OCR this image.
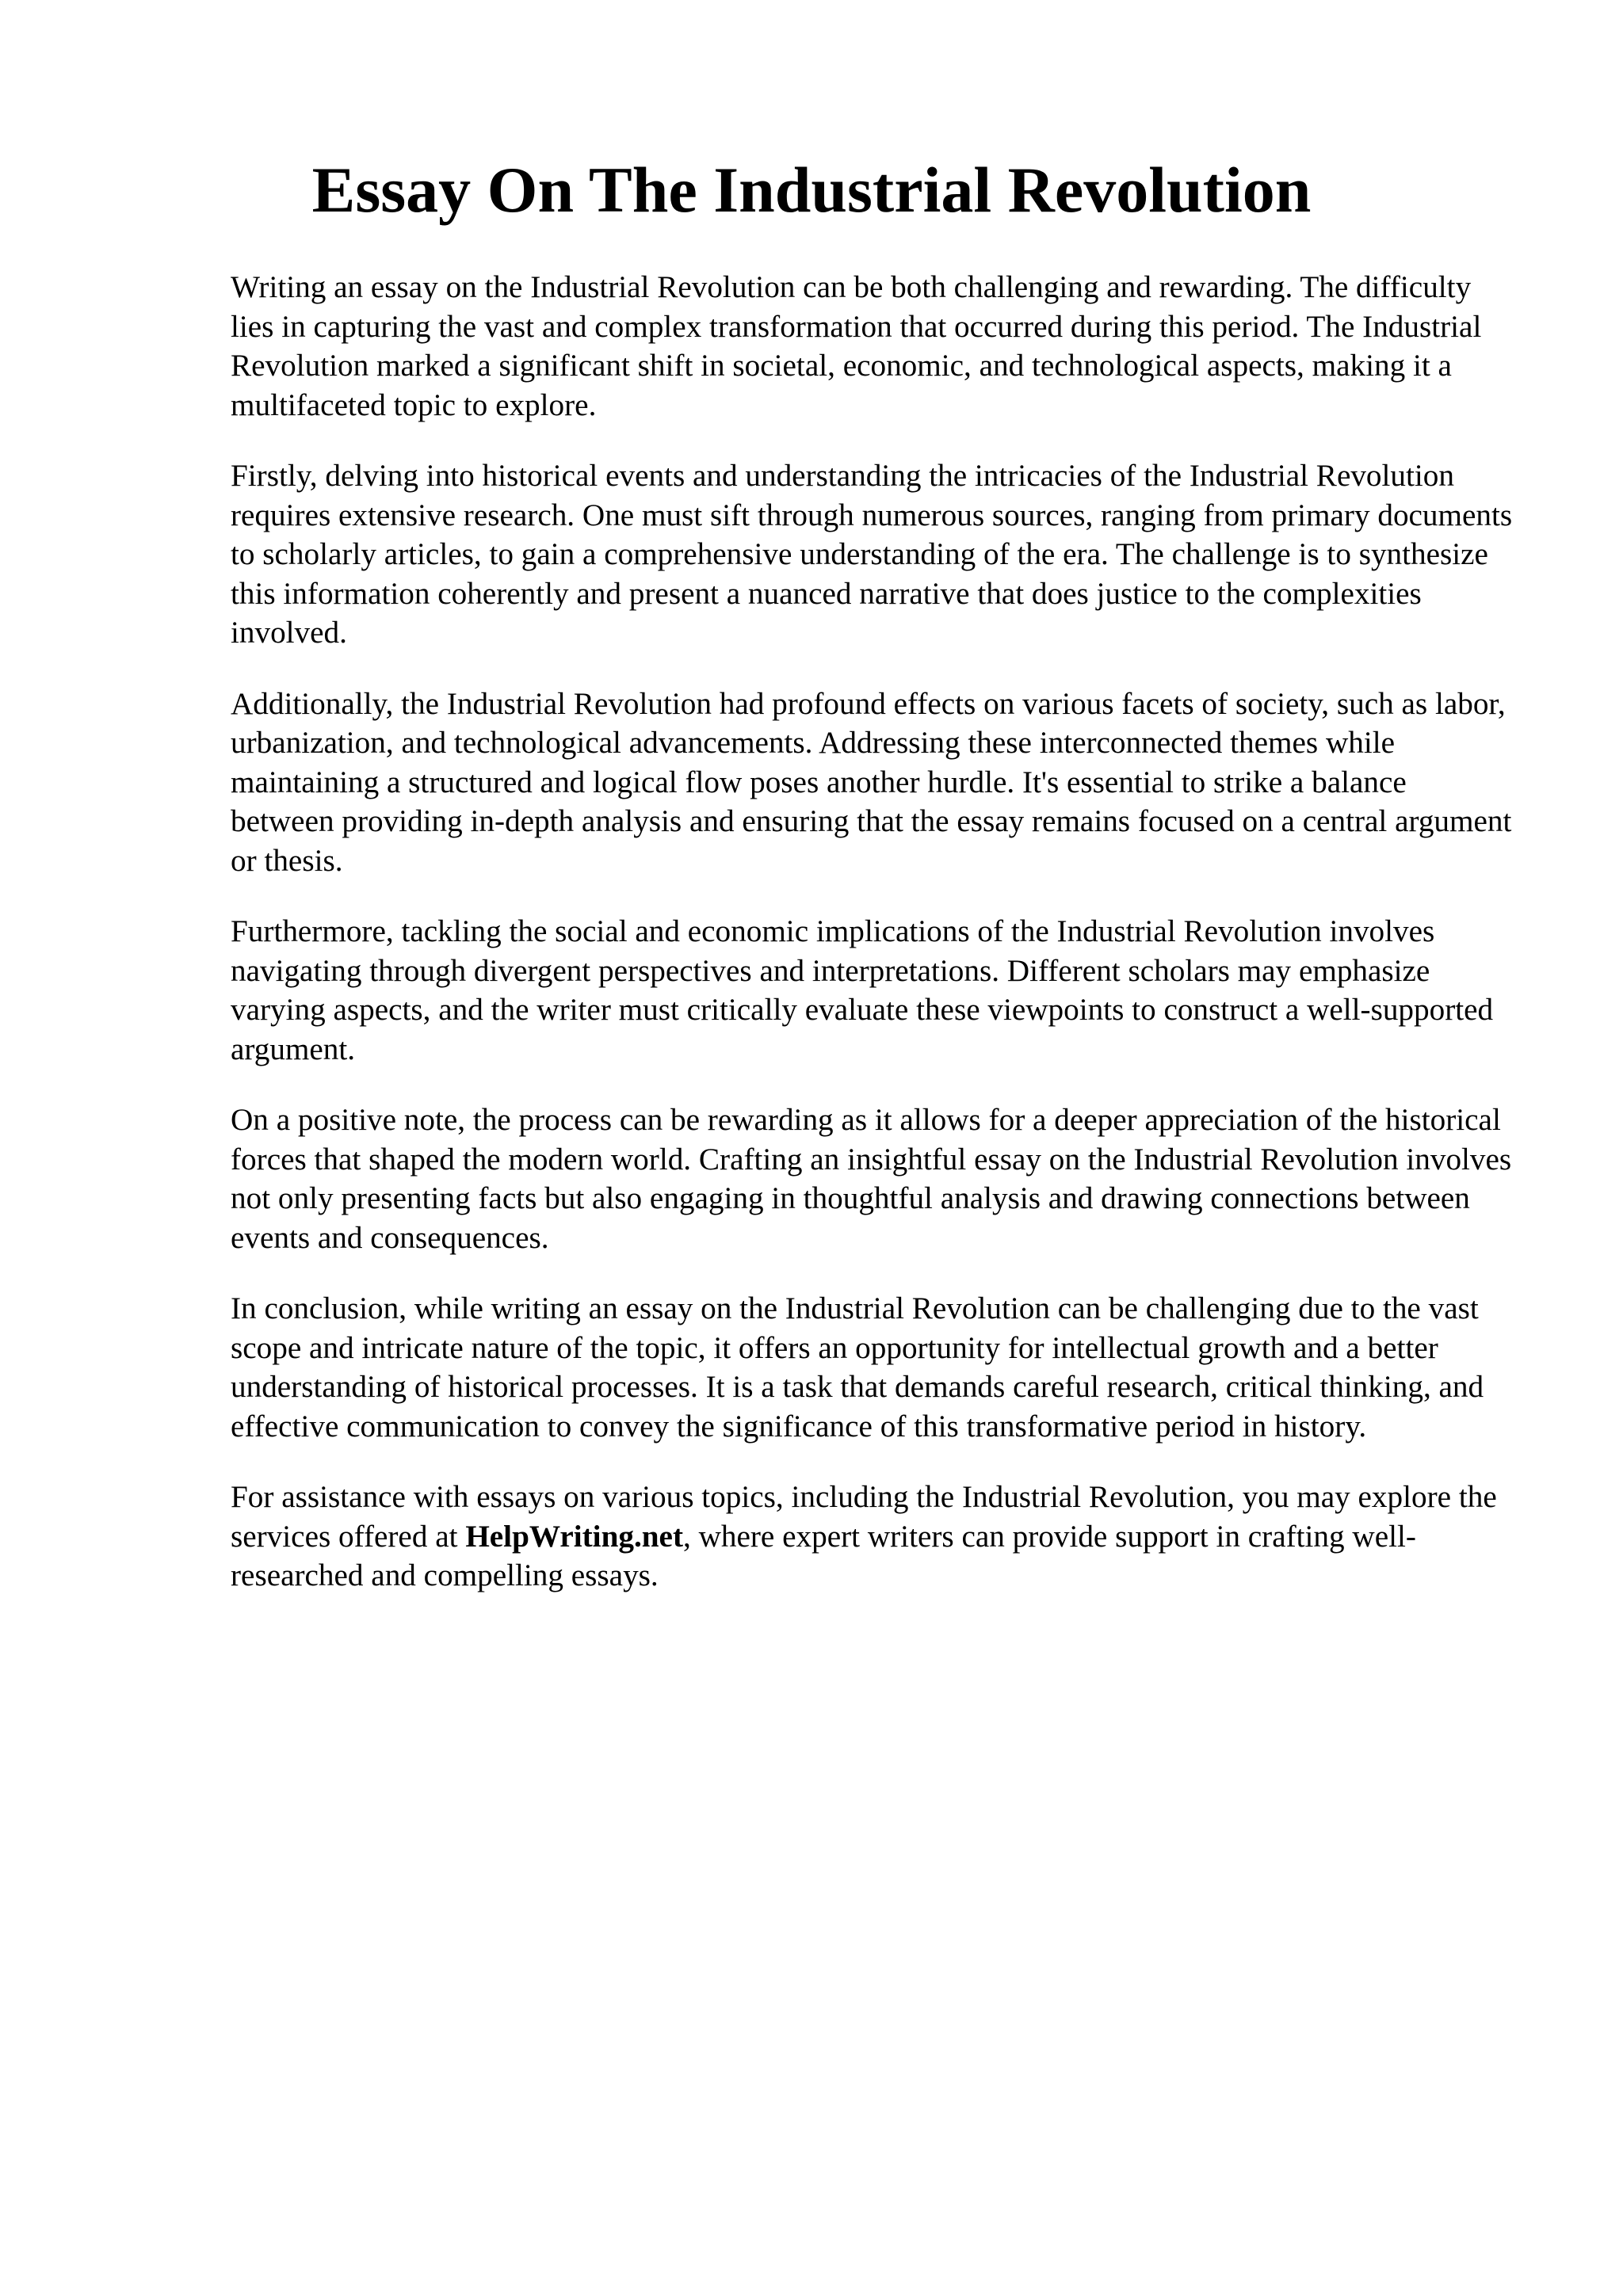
Essay On The Industrial Revolution

Writing an essay on the Industrial Revolution can be both challenging and rewarding. The difficulty lies in capturing the vast and complex transformation that occurred during this period. The Industrial Revolution marked a significant shift in societal, economic, and technological aspects, making it a multifaceted topic to explore.

Firstly, delving into historical events and understanding the intricacies of the Industrial Revolution requires extensive research. One must sift through numerous sources, ranging from primary documents to scholarly articles, to gain a comprehensive understanding of the era. The challenge is to synthesize this information coherently and present a nuanced narrative that does justice to the complexities involved.

Additionally, the Industrial Revolution had profound effects on various facets of society, such as labor, urbanization, and technological advancements. Addressing these interconnected themes while maintaining a structured and logical flow poses another hurdle. It's essential to strike a balance between providing in-depth analysis and ensuring that the essay remains focused on a central argument or thesis.

Furthermore, tackling the social and economic implications of the Industrial Revolution involves navigating through divergent perspectives and interpretations. Different scholars may emphasize varying aspects, and the writer must critically evaluate these viewpoints to construct a well-supported argument.

On a positive note, the process can be rewarding as it allows for a deeper appreciation of the historical forces that shaped the modern world. Crafting an insightful essay on the Industrial Revolution involves not only presenting facts but also engaging in thoughtful analysis and drawing connections between events and consequences.

In conclusion, while writing an essay on the Industrial Revolution can be challenging due to the vast scope and intricate nature of the topic, it offers an opportunity for intellectual growth and a better understanding of historical processes. It is a task that demands careful research, critical thinking, and effective communication to convey the significance of this transformative period in history.

For assistance with essays on various topics, including the Industrial Revolution, you may explore the services offered at HelpWriting.net, where expert writers can provide support in crafting well-researched and compelling essays.
